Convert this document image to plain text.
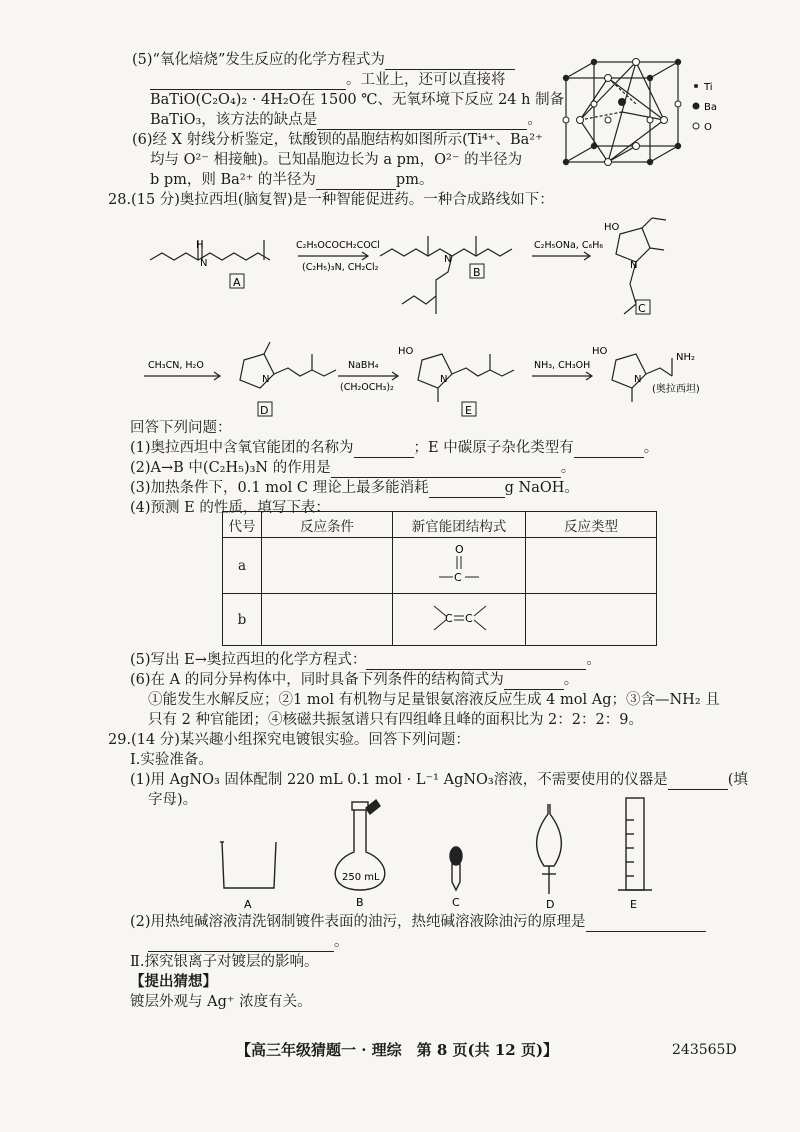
(5)“氧化焙烧”发生反应的化学方程式为
。工业上，还可以直接将
BaTiO(C₂O₄)₂ · 4H₂O在 1500 ℃、无氧环境下反应 24 h 制备
BaTiO₃，该方法的缺点是	。
(6)经 X 射线分析鉴定，钛酸钡的晶胞结构如图所示(Ti⁴⁺、Ba²⁺
均与 O²⁻ 相接触)。已知晶胞边长为 a pm，O²⁻ 的半径为
b pm，则 Ba²⁺ 的半径为	pm。
Ti
Ba
O
28.(15 分)奥拉西坦(脑复智)是一种智能促进药。一种合成路线如下：
H
N	N
HO
N
C₂H₅OCOCH₂COCl
(C₂H₅)₃N, CH₂Cl₂
C₂H₅ONa, C₆H₆
A
B
C
CH₃CN, H₂O	NaBH₄
(CH₂OCH₃)₂
NH₃, CH₃OH
N
HO
N
HO
N
NH₂
D	E
(奥拉西坦)
回答下列问题：
(1)奥拉西坦中含氧官能团的名称为	；E 中碳原子杂化类型有	。
(2)A→B 中(C₂H₅)₃N 的作用是	。
(3)加热条件下，0.1 mol C 理论上最多能消耗	g NaOH。
(4)预测 E 的性质，填写下表：
代号	反应条件	新官能团结构式	反应类型
a		O
C	

b		C C	

(5)写出 E→奥拉西坦的化学方程式：	。
(6)在 A 的同分异构体中，同时具备下列条件的结构简式为	。
①能发生水解反应；②1 mol 有机物与足量银氨溶液反应生成 4 mol Ag；③含—NH₂ 且
只有 2 种官能团；④核磁共振氢谱只有四组峰且峰的面积比为 2：2：2：9。
29.(14 分)某兴趣小组探究电镀银实验。回答下列问题：
Ⅰ.实验准备。
(1)用 AgNO₃ 固体配制 220 mL 0.1 mol · L⁻¹ AgNO₃溶液，不需要使用的仪器是	(填
字母)。
250 mL
A	B	C	D	E
(2)用热纯碱溶液清洗钢制镀件表面的油污，热纯碱溶液除油污的原理是
。
Ⅱ.探究银离子对镀层的影响。
【提出猜想】
镀层外观与 Ag⁺ 浓度有关。
【高三年级猜题一 · 理综　第 8 页(共 12 页)】	243565D
